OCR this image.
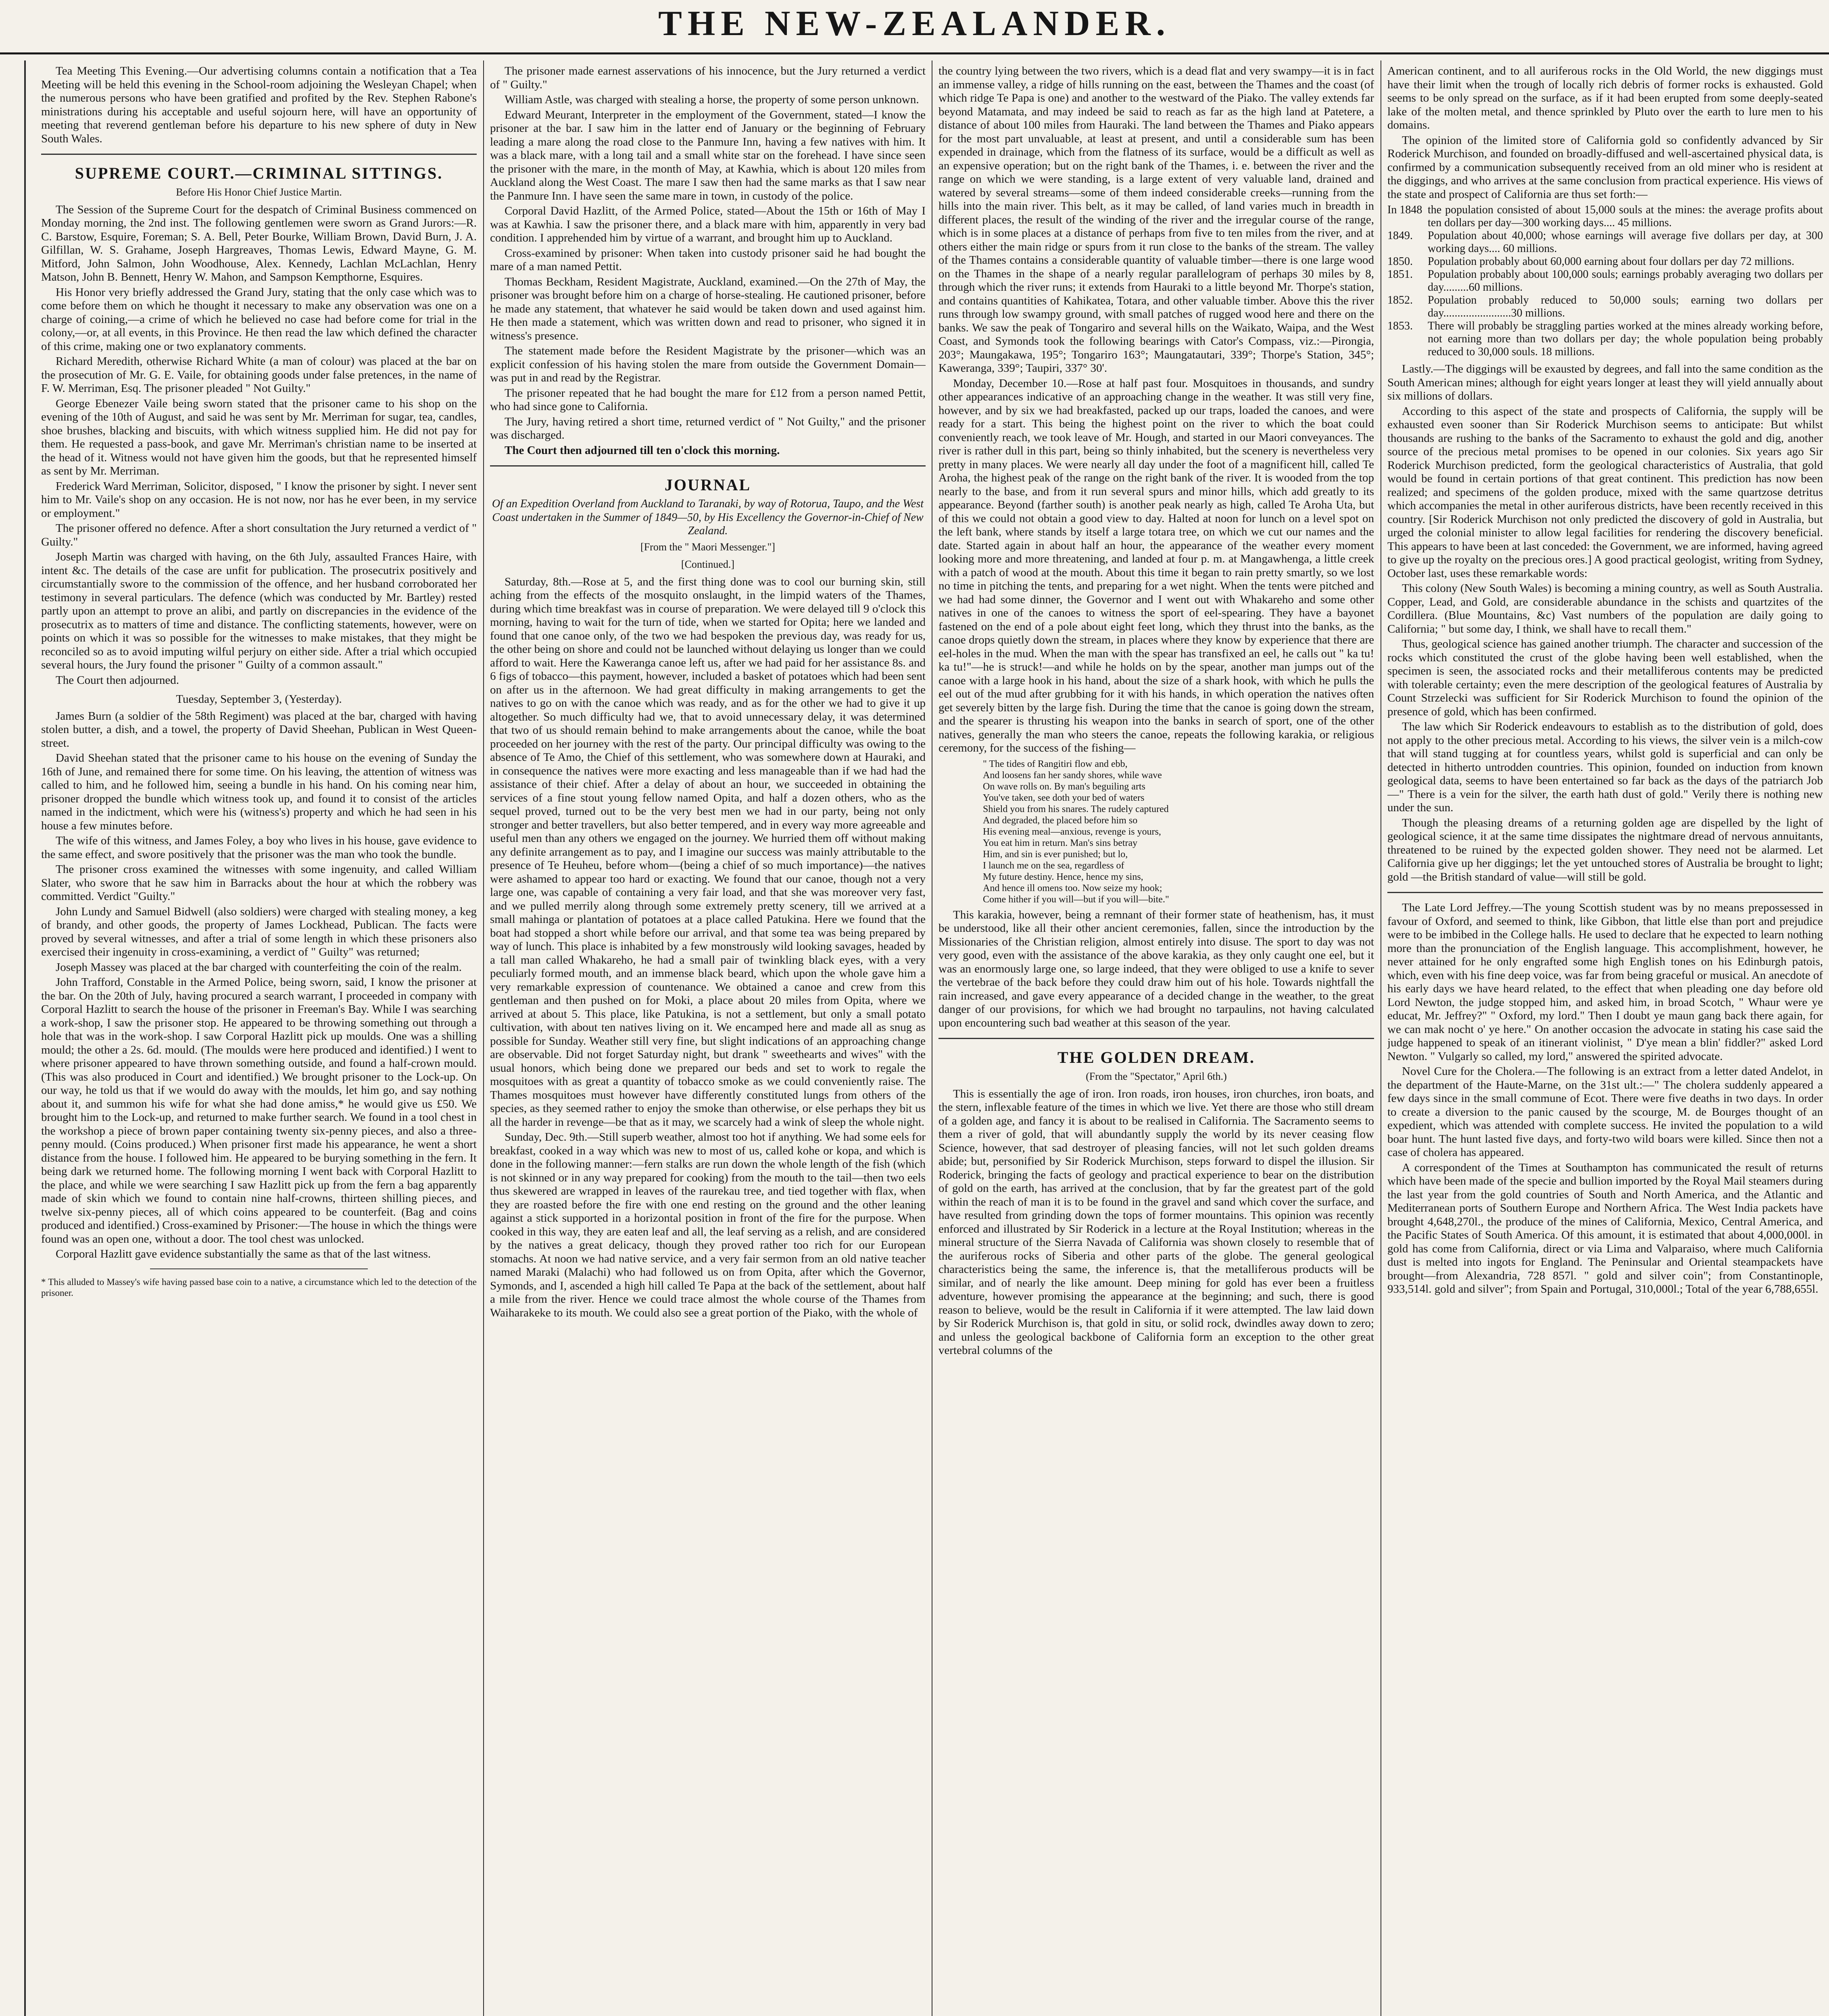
THE NEW-ZEALANDER.

Tea Meeting This Evening.—Our advertising columns contain a notification that a Tea Meeting will be held this evening in the School-room adjoining the Wesleyan Chapel; when the numerous persons who have been gratified and profited by the Rev. Stephen Rabone's ministrations during his acceptable and useful sojourn here, will have an opportunity of meeting that reverend gentleman before his departure to his new sphere of duty in New South Wales.

SUPREME COURT.—CRIMINAL SITTINGS.
Before His Honor Chief Justice Martin.

The Session of the Supreme Court for the despatch of Criminal Business commenced on Monday morning, the 2nd inst. The following gentlemen were sworn as Grand Jurors:—R. C. Barstow, Esquire, Foreman; S. A. Bell, Peter Bourke, William Brown, David Burn, J. A. Gilfillan, W. S. Grahame, Joseph Hargreaves, Thomas Lewis, Edward Mayne, G. M. Mitford, John Salmon, John Woodhouse, Alex. Kennedy, Lachlan McLachlan, Henry Matson, John B. Bennett, Henry W. Mahon, and Sampson Kempthorne, Esquires.

His Honor very briefly addressed the Grand Jury, stating that the only case which was to come before them on which he thought it necessary to make any observation was one on a charge of coining,—a crime of which he believed no case had before come for trial in the colony,—or, at all events, in this Province. He then read the law which defined the character of this crime, making one or two explanatory comments.

Richard Meredith, otherwise Richard White (a man of colour) was placed at the bar on the prosecution of Mr. G. E. Vaile, for obtaining goods under false pretences, in the name of F. W. Merriman, Esq. The prisoner pleaded " Not Guilty."

George Ebenezer Vaile being sworn stated that the prisoner came to his shop on the evening of the 10th of August, and said he was sent by Mr. Merriman for sugar, tea, candles, shoe brushes, blacking and biscuits, with which witness supplied him. He did not pay for them. He requested a pass-book, and gave Mr. Merriman's christian name to be inserted at the head of it. Witness would not have given him the goods, but that he represented himself as sent by Mr. Merriman.

Frederick Ward Merriman, Solicitor, disposed, " I know the prisoner by sight. I never sent him to Mr. Vaile's shop on any occasion. He is not now, nor has he ever been, in my service or employment."

The prisoner offered no defence. After a short consultation the Jury returned a verdict of " Guilty."

Joseph Martin was charged with having, on the 6th July, assaulted Frances Haire, with intent &c. The details of the case are unfit for publication. The prosecutrix positively and circumstantially swore to the commission of the offence, and her husband corroborated her testimony in several particulars. The defence (which was conducted by Mr. Bartley) rested partly upon an attempt to prove an alibi, and partly on discrepancies in the evidence of the prosecutrix as to matters of time and distance. The conflicting statements, however, were on points on which it was so possible for the witnesses to make mistakes, that they might be reconciled so as to avoid imputing wilful perjury on either side. After a trial which occupied several hours, the Jury found the prisoner " Guilty of a common assault."

The Court then adjourned.

Tuesday, September 3, (Yesterday).

James Burn (a soldier of the 58th Regiment) was placed at the bar, charged with having stolen butter, a dish, and a towel, the property of David Sheehan, Publican in West Queen-street.

David Sheehan stated that the prisoner came to his house on the evening of Sunday the 16th of June, and remained there for some time. On his leaving, the attention of witness was called to him, and he followed him, seeing a bundle in his hand. On his coming near him, prisoner dropped the bundle which witness took up, and found it to consist of the articles named in the indictment, which were his (witness's) property and which he had seen in his house a few minutes before.

The wife of this witness, and James Foley, a boy who lives in his house, gave evidence to the same effect, and swore positively that the prisoner was the man who took the bundle.

The prisoner cross examined the witnesses with some ingenuity, and called William Slater, who swore that he saw him in Barracks about the hour at which the robbery was committed. Verdict "Guilty."

John Lundy and Samuel Bidwell (also soldiers) were charged with stealing money, a keg of brandy, and other goods, the property of James Lockhead, Publican. The facts were proved by several witnesses, and after a trial of some length in which these prisoners also exercised their ingenuity in cross-examining, a verdict of " Guilty" was returned;

Joseph Massey was placed at the bar charged with counterfeiting the coin of the realm.

John Trafford, Constable in the Armed Police, being sworn, said, I know the prisoner at the bar. On the 20th of July, having procured a search warrant, I proceeded in company with Corporal Hazlitt to search the house of the prisoner in Freeman's Bay. While I was searching a work-shop, I saw the prisoner stop. He appeared to be throwing something out through a hole that was in the work-shop. I saw Corporal Hazlitt pick up moulds. One was a shilling mould; the other a 2s. 6d. mould. (The moulds were here produced and identified.) I went to where prisoner appeared to have thrown something outside, and found a half-crown mould. (This was also produced in Court and identified.) We brought prisoner to the Lock-up. On our way, he told us that if we would do away with the moulds, let him go, and say nothing about it, and summon his wife for what she had done amiss,* he would give us £50. We brought him to the Lock-up, and returned to make further search. We found in a tool chest in the workshop a piece of brown paper containing twenty six-penny pieces, and also a three-penny mould. (Coins produced.) When prisoner first made his appearance, he went a short distance from the house. I followed him. He appeared to be burying something in the fern. It being dark we returned home. The following morning I went back with Corporal Hazlitt to the place, and while we were searching I saw Hazlitt pick up from the fern a bag apparently made of skin which we found to contain nine half-crowns, thirteen shilling pieces, and twelve six-penny pieces, all of which coins appeared to be counterfeit. (Bag and coins produced and identified.) Cross-examined by Prisoner:—The house in which the things were found was an open one, without a door. The tool chest was unlocked.

Corporal Hazlitt gave evidence substantially the same as that of the last witness.

* This alluded to Massey's wife having passed base coin to a native, a circumstance which led to the detection of the prisoner.

The prisoner made earnest asservations of his innocence, but the Jury returned a verdict of " Guilty."

William Astle, was charged with stealing a horse, the property of some person unknown.

Edward Meurant, Interpreter in the employment of the Government, stated—I know the prisoner at the bar. I saw him in the latter end of January or the beginning of February leading a mare along the road close to the Panmure Inn, having a few natives with him. It was a black mare, with a long tail and a small white star on the forehead. I have since seen the prisoner with the mare, in the month of May, at Kawhia, which is about 120 miles from Auckland along the West Coast. The mare I saw then had the same marks as that I saw near the Panmure Inn. I have seen the same mare in town, in custody of the police.

Corporal David Hazlitt, of the Armed Police, stated—About the 15th or 16th of May I was at Kawhia. I saw the prisoner there, and a black mare with him, apparently in very bad condition. I apprehended him by virtue of a warrant, and brought him up to Auckland.

Cross-examined by prisoner: When taken into custody prisoner said he had bought the mare of a man named Pettit.

Thomas Beckham, Resident Magistrate, Auckland, examined.—On the 27th of May, the prisoner was brought before him on a charge of horse-stealing. He cautioned prisoner, before he made any statement, that whatever he said would be taken down and used against him. He then made a statement, which was written down and read to prisoner, who signed it in witness's presence.

The statement made before the Resident Magistrate by the prisoner—which was an explicit confession of his having stolen the mare from outside the Government Domain—was put in and read by the Registrar.

The prisoner repeated that he had bought the mare for £12 from a person named Pettit, who had since gone to California.

The Jury, having retired a short time, returned verdict of " Not Guilty," and the prisoner was discharged.

The Court then adjourned till ten o'clock this morning.

JOURNAL
Of an Expedition Overland from Auckland to Taranaki, by way of Rotorua, Taupo, and the West Coast undertaken in the Summer of 1849—50, by His Excellency the Governor-in-Chief of New Zealand.
[From the " Maori Messenger."]
[Continued.]

Saturday, 8th.—Rose at 5, and the first thing done was to cool our burning skin, still aching from the effects of the mosquito onslaught, in the limpid waters of the Thames, during which time breakfast was in course of preparation. We were delayed till 9 o'clock this morning, having to wait for the turn of tide, when we started for Opita; here we landed and found that one canoe only, of the two we had bespoken the previous day, was ready for us, the other being on shore and could not be launched without delaying us longer than we could afford to wait. Here the Kaweranga canoe left us, after we had paid for her assistance 8s. and 6 figs of tobacco—this payment, however, included a basket of potatoes which had been sent on after us in the afternoon. We had great difficulty in making arrangements to get the natives to go on with the canoe which was ready, and as for the other we had to give it up altogether. So much difficulty had we, that to avoid unnecessary delay, it was determined that two of us should remain behind to make arrangements about the canoe, while the boat proceeded on her journey with the rest of the party. Our principal difficulty was owing to the absence of Te Amo, the Chief of this settlement, who was somewhere down at Hauraki, and in consequence the natives were more exacting and less manageable than if we had had the assistance of their chief. After a delay of about an hour, we succeeded in obtaining the services of a fine stout young fellow named Opita, and half a dozen others, who as the sequel proved, turned out to be the very best men we had in our party, being not only stronger and better travellers, but also better tempered, and in every way more agreeable and useful men than any others we engaged on the journey. We hurried them off without making any definite arrangement as to pay, and I imagine our success was mainly attributable to the presence of Te Heuheu, before whom—(being a chief of so much importance)—the natives were ashamed to appear too hard or exacting. We found that our canoe, though not a very large one, was capable of containing a very fair load, and that she was moreover very fast, and we pulled merrily along through some extremely pretty scenery, till we arrived at a small mahinga or plantation of potatoes at a place called Patukina. Here we found that the boat had stopped a short while before our arrival, and that some tea was being prepared by way of lunch. This place is inhabited by a few monstrously wild looking savages, headed by a tall man called Whakareho, he had a small pair of twinkling black eyes, with a very peculiarly formed mouth, and an immense black beard, which upon the whole gave him a very remarkable expression of countenance. We obtained a canoe and crew from this gentleman and then pushed on for Moki, a place about 20 miles from Opita, where we arrived at about 5. This place, like Patukina, is not a settlement, but only a small potato cultivation, with about ten natives living on it. We encamped here and made all as snug as possible for Sunday. Weather still very fine, but slight indications of an approaching change are observable. Did not forget Saturday night, but drank " sweethearts and wives" with the usual honors, which being done we prepared our beds and set to work to regale the mosquitoes with as great a quantity of tobacco smoke as we could conveniently raise. The Thames mosquitoes must however have differently constituted lungs from others of the species, as they seemed rather to enjoy the smoke than otherwise, or else perhaps they bit us all the harder in revenge—be that as it may, we scarcely had a wink of sleep the whole night.

Sunday, Dec. 9th.—Still superb weather, almost too hot if anything. We had some eels for breakfast, cooked in a way which was new to most of us, called kohe or kopa, and which is done in the following manner:—fern stalks are run down the whole length of the fish (which is not skinned or in any way prepared for cooking) from the mouth to the tail—then two eels thus skewered are wrapped in leaves of the raurekau tree, and tied together with flax, when they are roasted before the fire with one end resting on the ground and the other leaning against a stick supported in a horizontal position in front of the fire for the purpose. When cooked in this way, they are eaten leaf and all, the leaf serving as a relish, and are considered by the natives a great delicacy, though they proved rather too rich for our European stomachs. At noon we had native service, and a very fair sermon from an old native teacher named Maraki (Malachi) who had followed us on from Opita, after which the Governor, Symonds, and I, ascended a high hill called Te Papa at the back of the settlement, about half a mile from the river. Hence we could trace almost the whole course of the Thames from Waiharakeke to its mouth. We could also see a great portion of the Piako, with the whole of

the country lying between the two rivers, which is a dead flat and very swampy—it is in fact an immense valley, a ridge of hills running on the east, between the Thames and the coast (of which ridge Te Papa is one) and another to the westward of the Piako. The valley extends far beyond Matamata, and may indeed be said to reach as far as the high land at Patetere, a distance of about 100 miles from Hauraki. The land between the Thames and Piako appears for the most part unvaluable, at least at present, and until a considerable sum has been expended in drainage, which from the flatness of its surface, would be a difficult as well as an expensive operation; but on the right bank of the Thames, i. e. between the river and the range on which we were standing, is a large extent of very valuable land, drained and watered by several streams—some of them indeed considerable creeks—running from the hills into the main river. This belt, as it may be called, of land varies much in breadth in different places, the result of the winding of the river and the irregular course of the range, which is in some places at a distance of perhaps from five to ten miles from the river, and at others either the main ridge or spurs from it run close to the banks of the stream. The valley of the Thames contains a considerable quantity of valuable timber—there is one large wood on the Thames in the shape of a nearly regular parallelogram of perhaps 30 miles by 8, through which the river runs; it extends from Hauraki to a little beyond Mr. Thorpe's station, and contains quantities of Kahikatea, Totara, and other valuable timber. Above this the river runs through low swampy ground, with small patches of rugged wood here and there on the banks. We saw the peak of Tongariro and several hills on the Waikato, Waipa, and the West Coast, and Symonds took the following bearings with Cator's Compass, viz.:—Pirongia, 203°; Maungakawa, 195°; Tongariro 163°; Maungatautari, 339°; Thorpe's Station, 345°; Kaweranga, 339°; Taupiri, 337° 30'.

Monday, December 10.—Rose at half past four. Mosquitoes in thousands, and sundry other appearances indicative of an approaching change in the weather. It was still very fine, however, and by six we had breakfasted, packed up our traps, loaded the canoes, and were ready for a start. This being the highest point on the river to which the boat could conveniently reach, we took leave of Mr. Hough, and started in our Maori conveyances. The river is rather dull in this part, being so thinly inhabited, but the scenery is nevertheless very pretty in many places. We were nearly all day under the foot of a magnificent hill, called Te Aroha, the highest peak of the range on the right bank of the river. It is wooded from the top nearly to the base, and from it run several spurs and minor hills, which add greatly to its appearance. Beyond (farther south) is another peak nearly as high, called Te Aroha Uta, but of this we could not obtain a good view to day. Halted at noon for lunch on a level spot on the left bank, where stands by itself a large totara tree, on which we cut our names and the date. Started again in about half an hour, the appearance of the weather every moment looking more and more threatening, and landed at four p. m. at Mangawhenga, a little creek with a patch of wood at the mouth. About this time it began to rain pretty smartly, so we lost no time in pitching the tents, and preparing for a wet night. When the tents were pitched and we had had some dinner, the Governor and I went out with Whakareho and some other natives in one of the canoes to witness the sport of eel-spearing. They have a bayonet fastened on the end of a pole about eight feet long, which they thrust into the banks, as the canoe drops quietly down the stream, in places where they know by experience that there are eel-holes in the mud. When the man with the spear has transfixed an eel, he calls out " ka tu! ka tu!"—he is struck!—and while he holds on by the spear, another man jumps out of the canoe with a large hook in his hand, about the size of a shark hook, with which he pulls the eel out of the mud after grubbing for it with his hands, in which operation the natives often get severely bitten by the large fish. During the time that the canoe is going down the stream, and the spearer is thrusting his weapon into the banks in search of sport, one of the other natives, generally the man who steers the canoe, repeats the following karakia, or religious ceremony, for the success of the fishing—

" The tides of Rangitiri flow and ebb,
And loosens fan her sandy shores, while wave
On wave rolls on. By man's beguiling arts
You've taken, see doth your bed of waters
Shield you from his snares. The rudely captured
And degraded, the placed before him so
His evening meal—anxious, revenge is yours,
You eat him in return. Man's sins betray
Him, and sin is ever punished; but lo,
I launch me on the sea, regardless of
My future destiny. Hence, hence my sins,
And hence ill omens too. Now seize my hook;
Come hither if you will—but if you will—bite."

This karakia, however, being a remnant of their former state of heathenism, has, it must be understood, like all their other ancient ceremonies, fallen, since the introduction by the Missionaries of the Christian religion, almost entirely into disuse. The sport to day was not very good, even with the assistance of the above karakia, as they only caught one eel, but it was an enormously large one, so large indeed, that they were obliged to use a knife to sever the vertebrae of the back before they could draw him out of his hole. Towards nightfall the rain increased, and gave every appearance of a decided change in the weather, to the great danger of our provisions, for which we had brought no tarpaulins, not having calculated upon encountering such bad weather at this season of the year.

THE GOLDEN DREAM.
(From the "Spectator," April 6th.)

This is essentially the age of iron. Iron roads, iron houses, iron churches, iron boats, and the stern, inflexable feature of the times in which we live. Yet there are those who still dream of a golden age, and fancy it is about to be realised in California. The Sacramento seems to them a river of gold, that will abundantly supply the world by its never ceasing flow Science, however, that sad destroyer of pleasing fancies, will not let such golden dreams abide; but, personified by Sir Roderick Murchison, steps forward to dispel the illusion. Sir Roderick, bringing the facts of geology and practical experience to bear on the distribution of gold on the earth, has arrived at the conclusion, that by far the greatest part of the gold within the reach of man it is to be found in the gravel and sand which cover the surface, and have resulted from grinding down the tops of former mountains. This opinion was recently enforced and illustrated by Sir Roderick in a lecture at the Royal Institution; whereas in the mineral structure of the Sierra Navada of California was shown closely to resemble that of the auriferous rocks of Siberia and other parts of the globe. The general geological characteristics being the same, the inference is, that the metalliferous products will be similar, and of nearly the like amount. Deep mining for gold has ever been a fruitless adventure, however promising the appearance at the beginning; and such, there is good reason to believe, would be the result in California if it were attempted. The law laid down by Sir Roderick Murchison is, that gold in situ, or solid rock, dwindles away down to zero; and unless the geological backbone of California form an exception to the other great vertebral columns of the

American continent, and to all auriferous rocks in the Old World, the new diggings must have their limit when the trough of locally rich debris of former rocks is exhausted. Gold seems to be only spread on the surface, as if it had been erupted from some deeply-seated lake of the molten metal, and thence sprinkled by Pluto over the earth to lure men to his domains.

The opinion of the limited store of California gold so confidently advanced by Sir Roderick Murchison, and founded on broadly-diffused and well-ascertained physical data, is confirmed by a communication subsequently received from an old miner who is resident at the diggings, and who arrives at the same conclusion from practical experience. His views of the state and prospect of California are thus set forth:—

In 1848 the population consisted of about 15,000 souls at the mines: the average profits about ten dollars per day—300 working days.... 45 millions.
1849.	Population about 40,000; whose earnings will average five dollars per day, at 300 working days.... 60 millions.
1850.	Population probably about 60,000 earning about four dollars per day 72 millions.
1851.	Population probably about 100,000 souls; earnings probably averaging two dollars per day.........60 millions.
1852.	Population probably reduced to 50,000 souls; earning two dollars per day........................30 millions.
1853.	There will probably be straggling parties worked at the mines already working before, not earning more than two dollars per day; the whole population being probably reduced to 30,000 souls. 18 millions.

Lastly.—The diggings will be exausted by degrees, and fall into the same condition as the South American mines; although for eight years longer at least they will yield annually about six millions of dollars.

According to this aspect of the state and prospects of California, the supply will be exhausted even sooner than Sir Roderick Murchison seems to anticipate: But whilst thousands are rushing to the banks of the Sacramento to exhaust the gold and dig, another source of the precious metal promises to be opened in our colonies. Six years ago Sir Roderick Murchison predicted, form the geological characteristics of Australia, that gold would be found in certain portions of that great continent. This prediction has now been realized; and specimens of the golden produce, mixed with the same quartzose detritus which accompanies the metal in other auriferous districts, have been recently received in this country. [Sir Roderick Murchison not only predicted the discovery of gold in Australia, but urged the colonial minister to allow legal facilities for rendering the discovery beneficial. This appears to have been at last conceded: the Government, we are informed, having agreed to give up the royalty on the precious ores.] A good practical geologist, writing from Sydney, October last, uses these remarkable words:

This colony (New South Wales) is becoming a mining country, as well as South Australia. Copper, Lead, and Gold, are considerable abundance in the schists and quartzites of the Cordillera. (Blue Mountains, &c) Vast numbers of the population are daily going to California; " but some day, I think, we shall have to recall them."

Thus, geological science has gained another triumph. The character and succession of the rocks which constituted the crust of the globe having been well established, when the specimen is seen, the associated rocks and their metalliferous contents may be predicted with tolerable certainty; even the mere description of the geological features of Australia by Count Strzelecki was sufficient for Sir Roderick Murchison to found the opinion of the presence of gold, which has been confirmed.

The law which Sir Roderick endeavours to establish as to the distribution of gold, does not apply to the other precious metal. According to his views, the silver vein is a milch-cow that will stand tugging at for countless years, whilst gold is superficial and can only be detected in hitherto untrodden countries. This opinion, founded on induction from known geological data, seems to have been entertained so far back as the days of the patriarch Job—" There is a vein for the silver, the earth hath dust of gold." Verily there is nothing new under the sun.

Though the pleasing dreams of a returning golden age are dispelled by the light of geological science, it at the same time dissipates the nightmare dread of nervous annuitants, threatened to be ruined by the expected golden shower. They need not be alarmed. Let California give up her diggings; let the yet untouched stores of Australia be brought to light; gold —the British standard of value—will still be gold.

The Late Lord Jeffrey.—The young Scottish student was by no means prepossessed in favour of Oxford, and seemed to think, like Gibbon, that little else than port and prejudice were to be imbibed in the College halls. He used to declare that he expected to learn nothing more than the pronunciation of the English language. This accomplishment, however, he never attained for he only engrafted some high English tones on his Edinburgh patois, which, even with his fine deep voice, was far from being graceful or musical. An anecdote of his early days we have heard related, to the effect that when pleading one day before old Lord Newton, the judge stopped him, and asked him, in broad Scotch, " Whaur were ye educat, Mr. Jeffrey?" " Oxford, my lord." Then I doubt ye maun gang back there again, for we can mak nocht o' ye here." On another occasion the advocate in stating his case said the judge happened to speak of an itinerant violinist, " D'ye mean a blin' fiddler?" asked Lord Newton. " Vulgarly so called, my lord," answered the spirited advocate.

Novel Cure for the Cholera.—The following is an extract from a letter dated Andelot, in the department of the Haute-Marne, on the 31st ult.:—" The cholera suddenly appeared a few days since in the small commune of Ecot. There were five deaths in two days. In order to create a diversion to the panic caused by the scourge, M. de Bourges thought of an expedient, which was attended with complete success. He invited the population to a wild boar hunt. The hunt lasted five days, and forty-two wild boars were killed. Since then not a case of cholera has appeared.

A correspondent of the Times at Southampton has communicated the result of returns which have been made of the specie and bullion imported by the Royal Mail steamers during the last year from the gold countries of South and North America, and the Atlantic and Mediterranean ports of Southern Europe and Northern Africa. The West India packets have brought 4,648,270l., the produce of the mines of California, Mexico, Central America, and the Pacific States of South America. Of this amount, it is estimated that about 4,000,000l. in gold has come from California, direct or via Lima and Valparaiso, where much California dust is melted into ingots for England. The Peninsular and Oriental steampackets have brought—from Alexandria, 728 857l. " gold and silver coin"; from Constantinople, 933,514l. gold and silver"; from Spain and Portugal, 310,000l.; Total of the year 6,788,655l.
